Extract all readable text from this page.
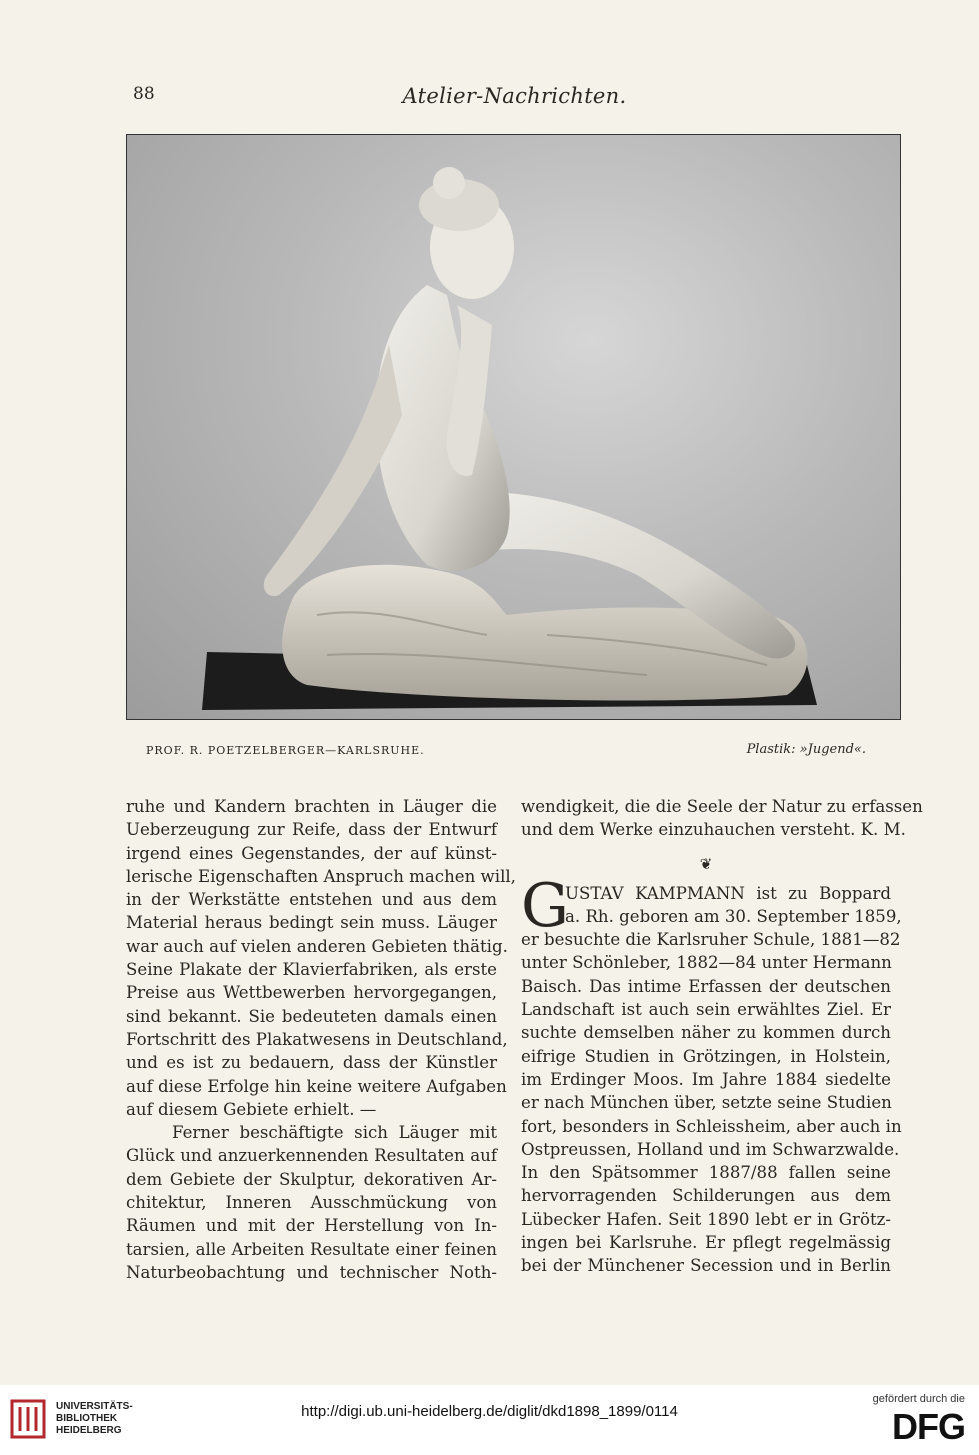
88	Atelier-Nachrichten.
PROF. R. POETZELBERGER—KARLSRUHE.	Plastik: »Jugend«.
ruhe und Kandern brachten in Läuger die
Ueberzeugung zur Reife, dass der Entwurf
irgend eines Gegenstandes, der auf künst-
lerische Eigenschaften Anspruch machen will,
in der Werkstätte entstehen und aus dem
Material heraus bedingt sein muss. Läuger
war auch auf vielen anderen Gebieten thätig.
Seine Plakate der Klavierfabriken, als erste
Preise aus Wettbewerben hervorgegangen,
sind bekannt. Sie bedeuteten damals einen
Fortschritt des Plakatwesens in Deutschland,
und es ist zu bedauern, dass der Künstler
auf diese Erfolge hin keine weitere Aufgaben
auf diesem Gebiete erhielt. —
Ferner beschäftigte sich Läuger mit
Glück und anzuerkennenden Resultaten auf
dem Gebiete der Skulptur, dekorativen Ar-
chitektur, Inneren Ausschmückung von
Räumen und mit der Herstellung von In-
tarsien, alle Arbeiten Resultate einer feinen
Naturbeobachtung und technischer Noth-
wendigkeit, die die Seele der Natur zu erfassen
und dem Werke einzuhauchen versteht. K. M.
❦
G
USTAV KAMPMANN ist zu Boppard
a. Rh. geboren am 30. September 1859,
er besuchte die Karlsruher Schule, 1881—82
unter Schönleber, 1882—84 unter Hermann
Baisch. Das intime Erfassen der deutschen
Landschaft ist auch sein erwähltes Ziel. Er
suchte demselben näher zu kommen durch
eifrige Studien in Grötzingen, in Holstein,
im Erdinger Moos. Im Jahre 1884 siedelte
er nach München über, setzte seine Studien
fort, besonders in Schleissheim, aber auch in
Ostpreussen, Holland und im Schwarzwalde.
In den Spätsommer 1887/88 fallen seine
hervorragenden Schilderungen aus dem
Lübecker Hafen. Seit 1890 lebt er in Grötz-
ingen bei Karlsruhe. Er pflegt regelmässig
bei der Münchener Secession und in Berlin
UNIVERSITÄTS-
BIBLIOTHEK
HEIDELBERG
http://digi.ub.uni-heidelberg.de/diglit/dkd1898_1899/0114
gefördert durch die
DFG
